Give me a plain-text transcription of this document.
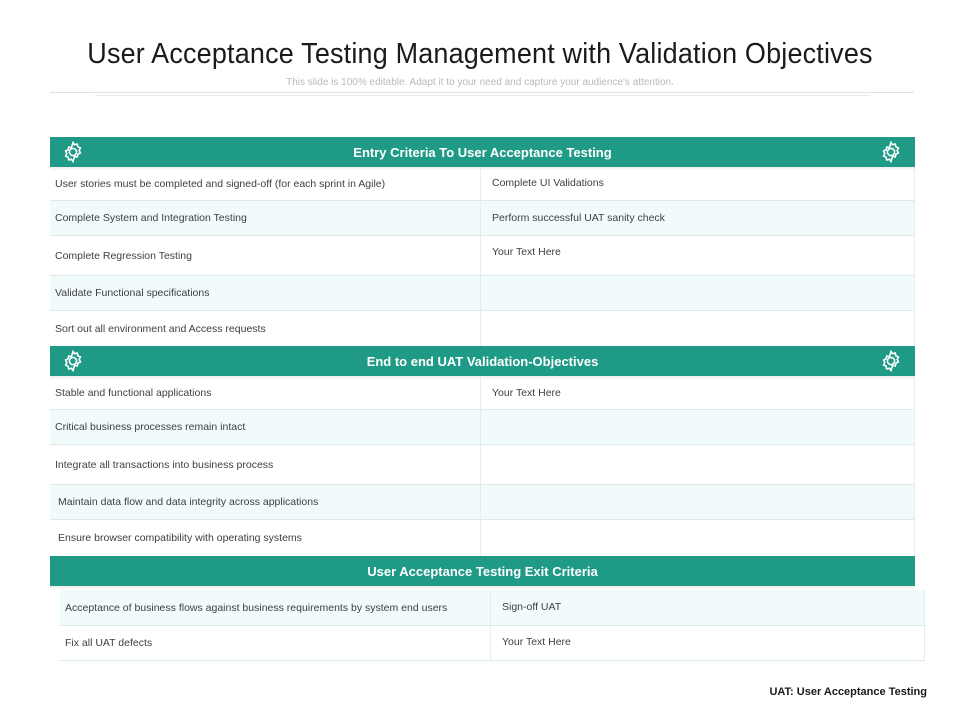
User Acceptance Testing Management with Validation Objectives
This slide is 100% editable. Adapt it to your need and capture your audience's attention.
Entry Criteria To User Acceptance Testing
User stories must be completed and signed-off (for each sprint in Agile)	Complete UI Validations
Complete System and Integration Testing	Perform successful UAT sanity check
Complete Regression Testing	Your Text Here
Validate Functional specifications
Sort out all environment and Access requests
End to end UAT Validation-Objectives
Stable and functional applications	Your Text Here
Critical business processes remain intact
Integrate all transactions into business process
Maintain data flow and data integrity across applications
Ensure browser compatibility with operating systems
User Acceptance Testing Exit Criteria
Acceptance of business flows against business requirements by system end users	Sign-off UAT
Fix all UAT defects	Your Text Here
UAT: User Acceptance Testing
